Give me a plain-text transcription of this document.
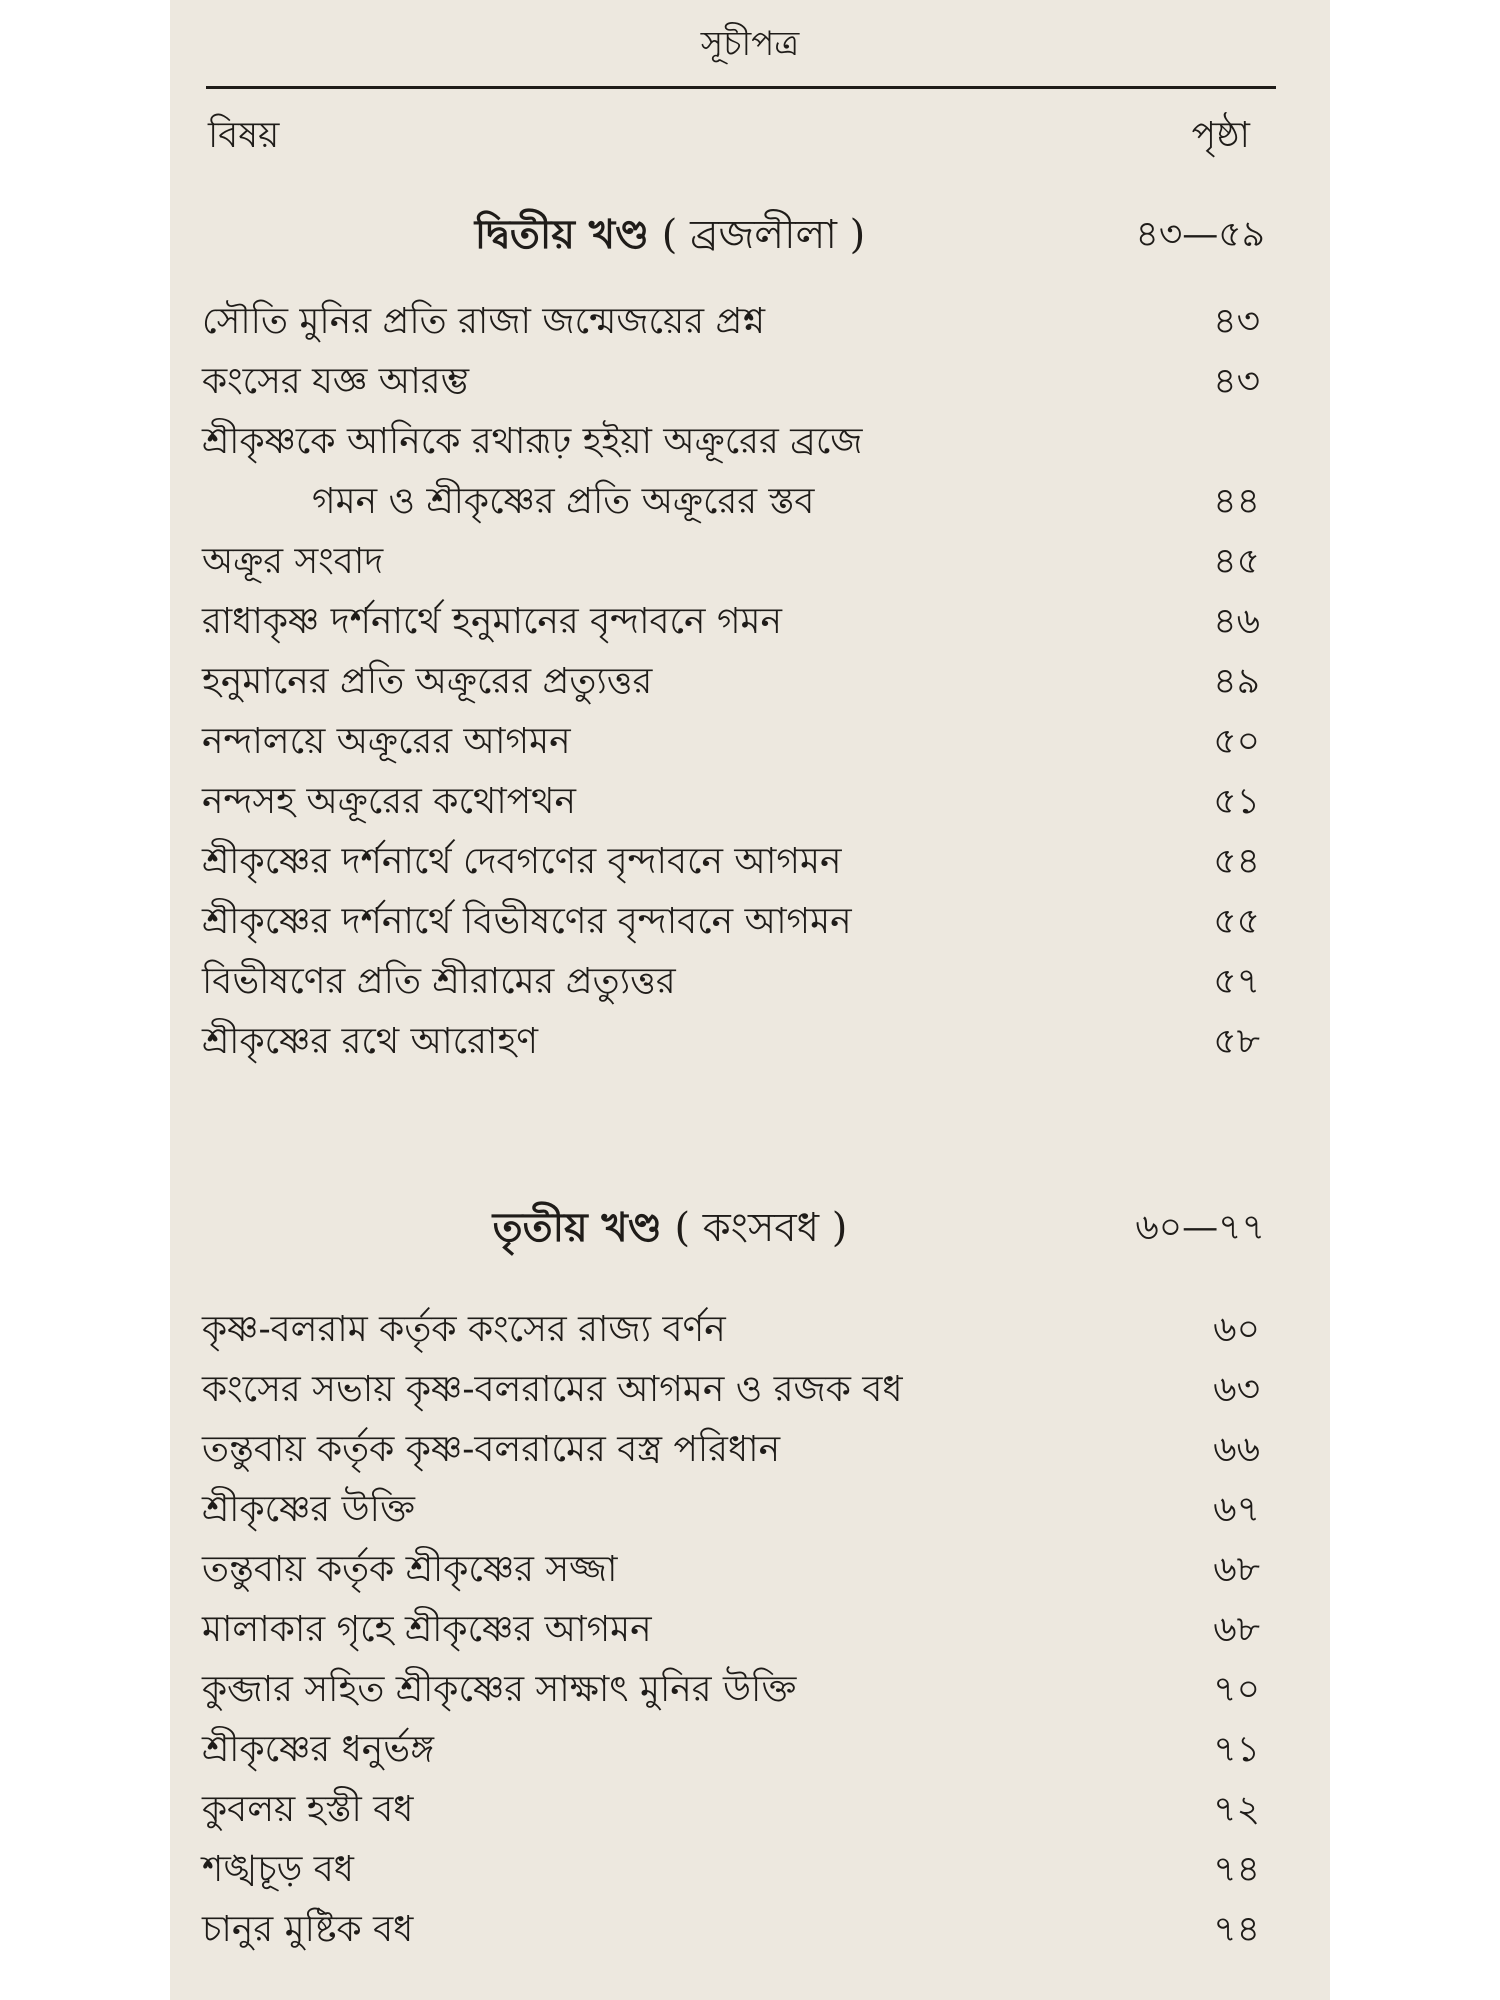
সূচীপত্র
বিষয়	পৃষ্ঠা
দ্বিতীয় খণ্ড ( ব্রজলীলা )	৪৩—৫৯
সৌতি মুনির প্রতি রাজা জন্মেজয়ের প্রশ্ন	৪৩
কংসের যজ্ঞ আরম্ভ	৪৩
শ্রীকৃষ্ণকে আনিকে রথারূঢ় হইয়া অক্রূরের ব্রজে
গমন ও শ্রীকৃষ্ণের প্রতি অক্রূরের স্তব	৪৪
অক্রূর সংবাদ	৪৫
রাধাকৃষ্ণ দর্শনার্থে হনুমানের বৃন্দাবনে গমন	৪৬
হনুমানের প্রতি অক্রূরের প্রত্যুত্তর	৪৯
নন্দালয়ে অক্রূরের আগমন	৫০
নন্দসহ অক্রূরের কথোপথন	৫১
শ্রীকৃষ্ণের দর্শনার্থে দেবগণের বৃন্দাবনে আগমন	৫৪
শ্রীকৃষ্ণের দর্শনার্থে বিভীষণের বৃন্দাবনে আগমন	৫৫
বিভীষণের প্রতি শ্রীরামের প্রত্যুত্তর	৫৭
শ্রীকৃষ্ণের রথে আরোহণ	৫৮
তৃতীয় খণ্ড ( কংসবধ )	৬০—৭৭
কৃষ্ণ-বলরাম কর্তৃক কংসের রাজ্য বর্ণন	৬০
কংসের সভায় কৃষ্ণ-বলরামের আগমন ও রজক বধ	৬৩
তন্তুবায় কর্তৃক কৃষ্ণ-বলরামের বস্ত্র পরিধান	৬৬
শ্রীকৃষ্ণের উক্তি	৬৭
তন্তুবায় কর্তৃক শ্রীকৃষ্ণের সজ্জা	৬৮
মালাকার গৃহে শ্রীকৃষ্ণের আগমন	৬৮
কুব্জার সহিত শ্রীকৃষ্ণের সাক্ষাৎ মুনির উক্তি	৭০
শ্রীকৃষ্ণের ধনুর্ভঙ্গ	৭১
কুবলয় হস্তী বধ	৭২
শঙ্খচূড় বধ	৭৪
চানুর মুষ্টিক বধ	৭৪
